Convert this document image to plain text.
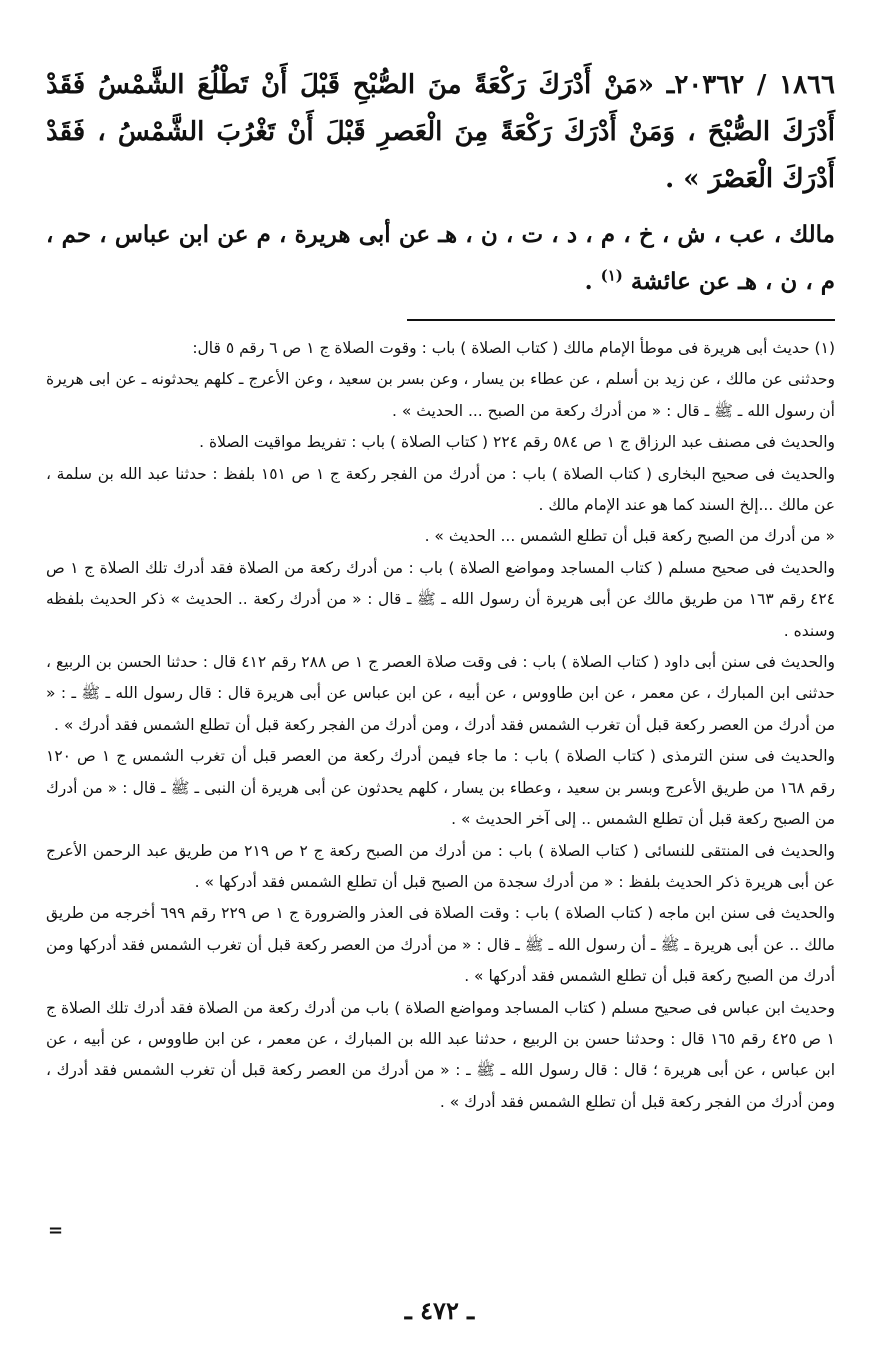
١٨٦٦ / ٢٠٣٦٢ـ «مَنْ أَدْرَكَ رَكْعَةً منَ الصُّبْحِ قَبْلَ أَنْ تَطْلُعَ الشَّمْسُ فَقَدْ أَدْرَكَ الصُّبْحَ ، وَمَنْ أَدْرَكَ رَكْعَةً مِنَ الْعَصرِ قَبْلَ أَنْ تَغْرُبَ الشَّمْسُ ، فَقَدْ أَدْرَكَ الْعَصْرَ » .

مالك ، عب ، ش ، خ ، م ، د ، ت ، ن ، هـ عن أبى هريرة ، م عن ابن عباس ، حم ، م ، ن ، هـ عن عائشة $^{(١)}$ .

(١) حديث أبى هريرة فى موطأ الإمام مالك ( كتاب الصلاة ) باب : وقوت الصلاة ج ١ ص ٦ رقم ٥ قال:

وحدثنى عن مالك ، عن زيد بن أسلم ، عن عطاء بن يسار ، وعن بسر بن سعيد ، وعن الأعرج ـ كلهم يحدثونه ـ عن ابى هريرة أن رسول الله ـ ﷺ ـ قال : « من أدرك ركعة من الصبح ... الحديث » .

والحديث فى مصنف عبد الرزاق ج ١ ص ٥٨٤ رقم ٢٢٤ ( كتاب الصلاة ) باب : تفريط مواقيت الصلاة .

والحديث فى صحيح البخارى ( كتاب الصلاة ) باب : من أدرك من الفجر ركعة ج ١ ص ١٥١ بلفظ : حدثنا عبد الله بن سلمة ، عن مالك ...إلخ السند كما هو عند الإمام مالك .

« من أدرك من الصبح ركعة قبل أن تطلع الشمس ... الحديث » .

والحديث فى صحيح مسلم ( كتاب المساجد ومواضع الصلاة ) باب : من أدرك ركعة من الصلاة فقد أدرك تلك الصلاة ج ١ ص ٤٢٤ رقم ١٦٣ من طريق مالك عن أبى هريرة أن رسول الله ـ ﷺ ـ قال : « من أدرك ركعة .. الحديث » ذكر الحديث بلفظه وسنده .

والحديث فى سنن أبى داود ( كتاب الصلاة ) باب : فى وقت صلاة العصر ج ١ ص ٢٨٨ رقم ٤١٢ قال : حدثنا الحسن بن الربيع ، حدثنى ابن المبارك ، عن معمر ، عن ابن طاووس ، عن أبيه ، عن ابن عباس عن أبى هريرة قال : قال رسول الله ـ ﷺ ـ : « من أدرك من العصر ركعة قبل أن تغرب الشمس فقد أدرك ، ومن أدرك من الفجر ركعة قبل أن تطلع الشمس فقد أدرك » .

والحديث فى سنن الترمذى ( كتاب الصلاة ) باب : ما جاء فيمن أدرك ركعة من العصر قبل أن تغرب الشمس ج ١ ص ١٢٠ رقم ١٦٨ من طريق الأعرج وبسر بن سعيد ، وعطاء بن يسار ، كلهم يحدثون عن أبى هريرة أن النبى ـ ﷺ ـ قال : « من أدرك من الصبح ركعة قبل أن تطلع الشمس .. إلى آخر الحديث » .

والحديث فى المنتقى للنسائى ( كتاب الصلاة ) باب : من أدرك من الصبح ركعة ج ٢ ص ٢١٩ من طريق عبد الرحمن الأعرج عن أبى هريرة ذكر الحديث بلفظ : « من أدرك سجدة من الصبح قبل أن تطلع الشمس فقد أدركها » .

والحديث فى سنن ابن ماجه ( كتاب الصلاة ) باب : وقت الصلاة فى العذر والضرورة ج ١ ص ٢٢٩ رقم ٦٩٩ أخرجه من طريق مالك .. عن أبى هريرة ـ ﷺ ـ أن رسول الله ـ ﷺ ـ قال : « من أدرك من العصر ركعة قبل أن تغرب الشمس فقد أدركها ومن أدرك من الصبح ركعة قبل أن تطلع الشمس فقد أدركها » .

وحديث ابن عباس فى صحيح مسلم ( كتاب المساجد ومواضع الصلاة ) باب من أدرك ركعة من الصلاة فقد أدرك تلك الصلاة ج ١ ص ٤٢٥ رقم ١٦٥ قال : وحدثنا حسن بن الربيع ، حدثنا عبد الله بن المبارك ، عن معمر ، عن ابن طاووس ، عن أبيه ، عن ابن عباس ، عن أبى هريرة ؛ قال : قال رسول الله ـ ﷺ ـ : « من أدرك من العصر ركعة قبل أن تغرب الشمس فقد أدرك ، ومن أدرك من الفجر ركعة قبل أن تطلع الشمس فقد أدرك » .

=
ـ ٤٧٢ ـ
